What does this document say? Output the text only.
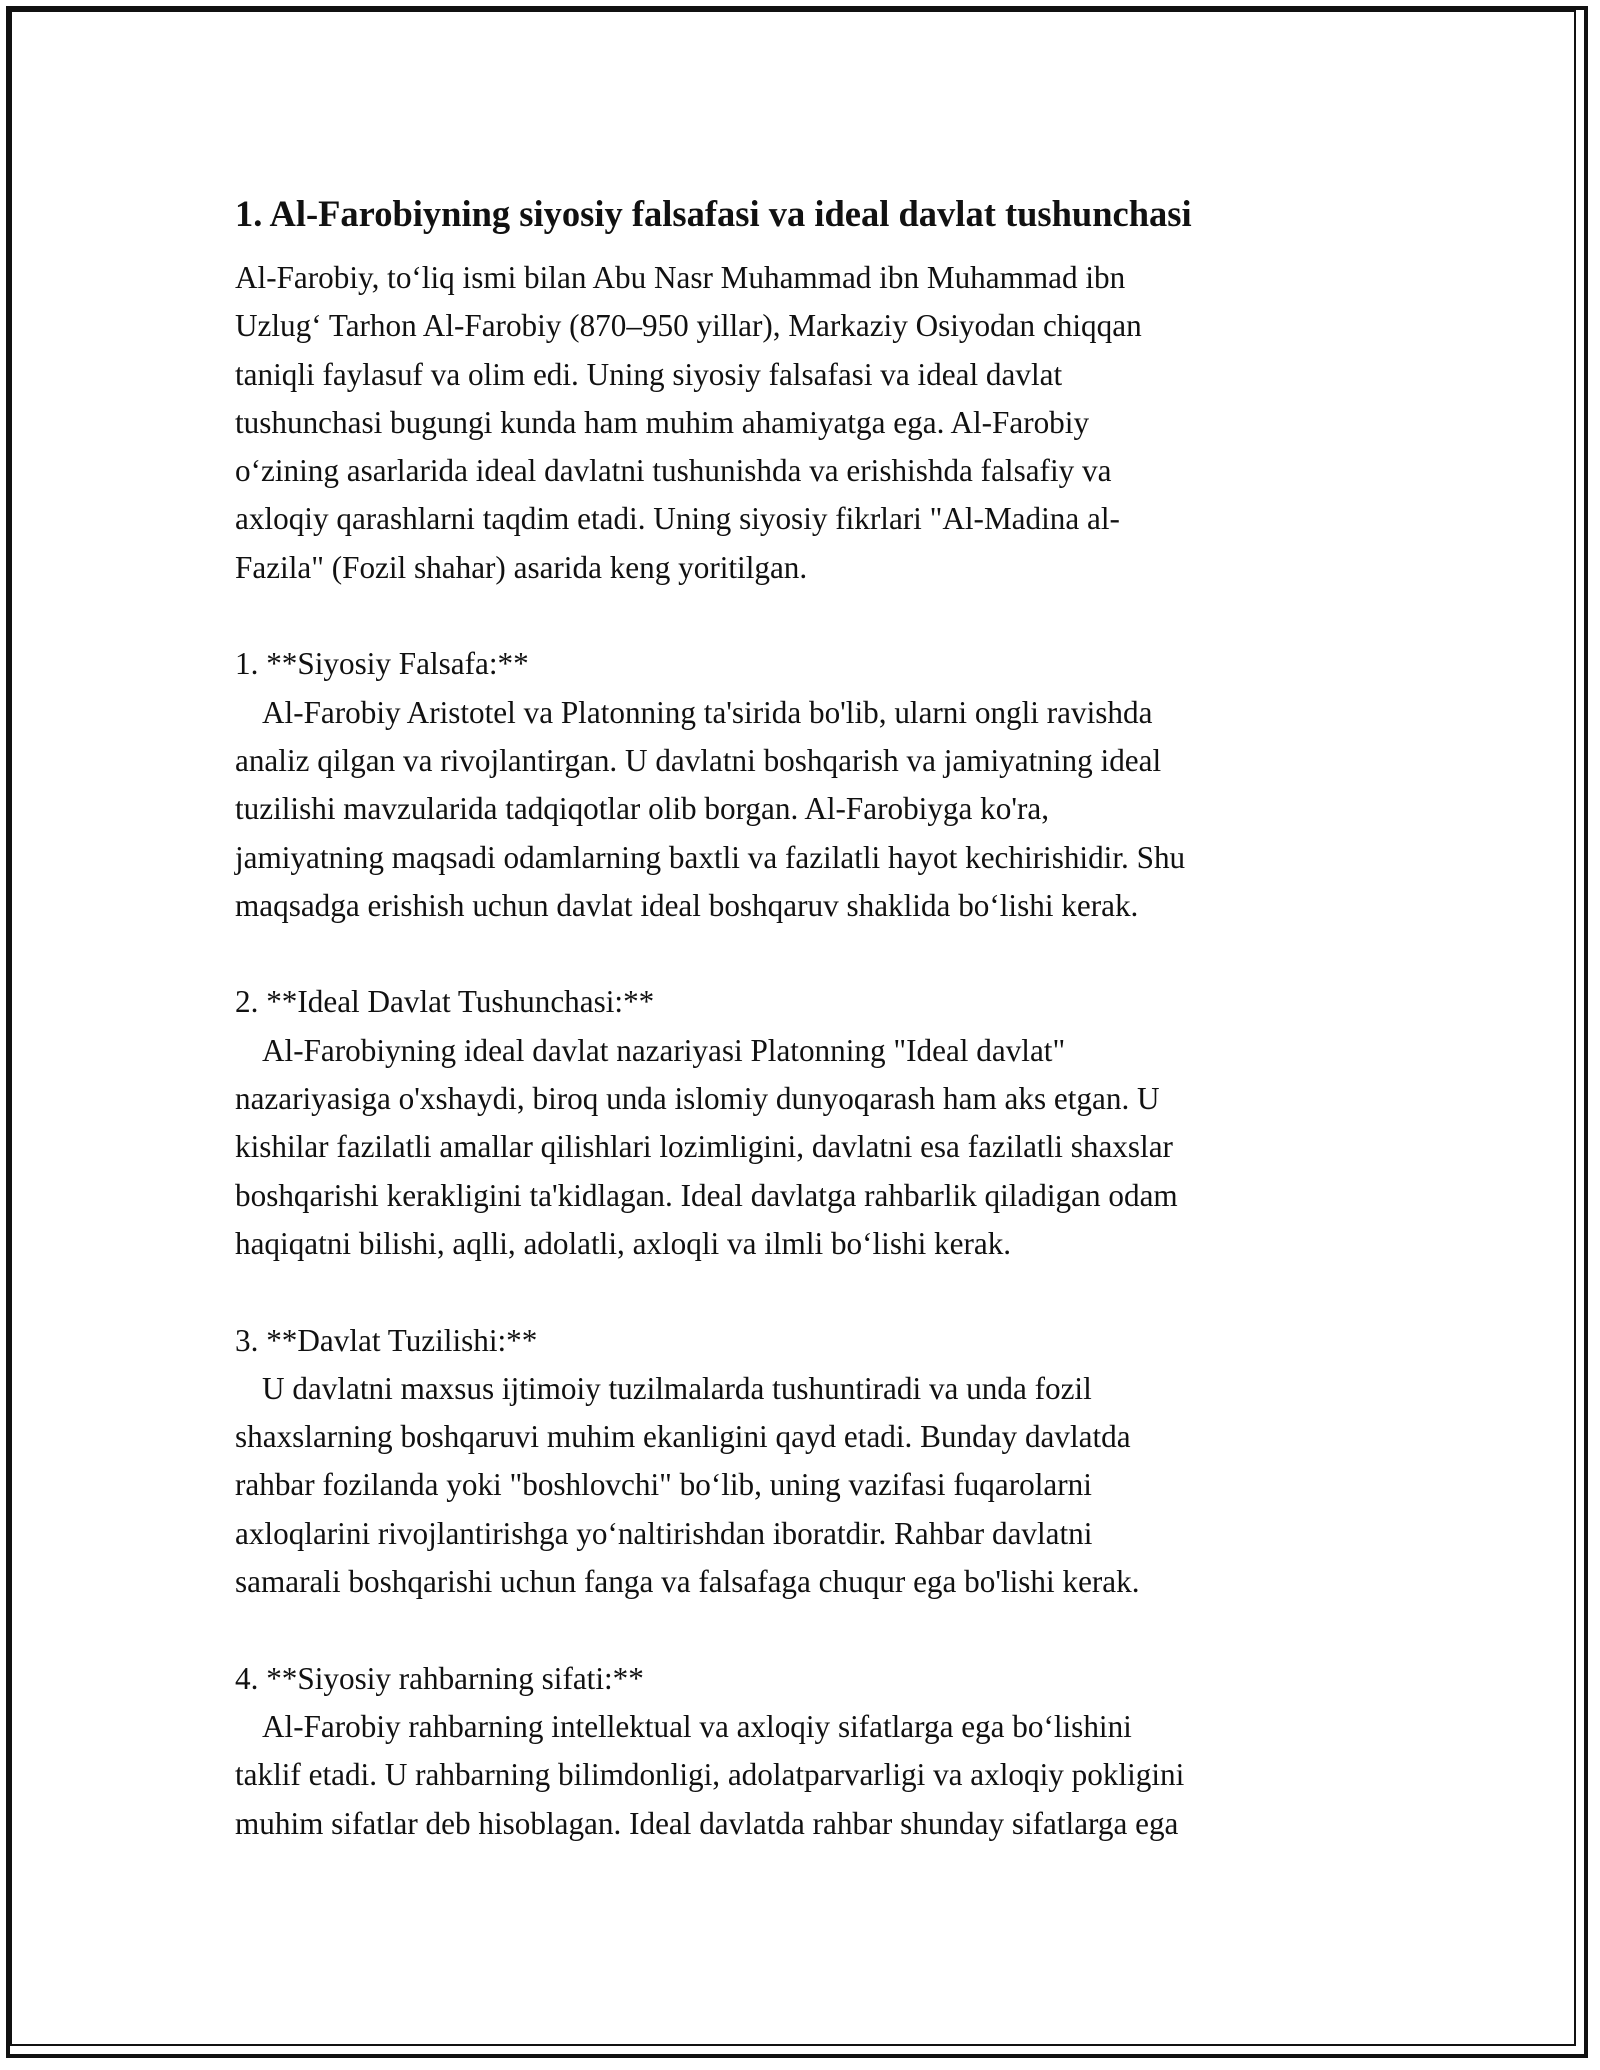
1. Al-Farobiyning siyosiy falsafasi va ideal davlat tushunchasi

Al-Farobiy, to‘liq ismi bilan Abu Nasr Muhammad ibn Muhammad ibn

Uzlug‘ Tarhon Al-Farobiy (870–950 yillar), Markaziy Osiyodan chiqqan

taniqli faylasuf va olim edi. Uning siyosiy falsafasi va ideal davlat

tushunchasi bugungi kunda ham muhim ahamiyatga ega. Al-Farobiy

o‘zining asarlarida ideal davlatni tushunishda va erishishda falsafiy va

axloqiy qarashlarni taqdim etadi. Uning siyosiy fikrlari "Al-Madina al-

Fazila" (Fozil shahar) asarida keng yoritilgan.

1. **Siyosiy Falsafa:**

Al-Farobiy Aristotel va Platonning ta'sirida bo'lib, ularni ongli ravishda

analiz qilgan va rivojlantirgan. U davlatni boshqarish va jamiyatning ideal

tuzilishi mavzularida tadqiqotlar olib borgan. Al-Farobiyga ko'ra,

jamiyatning maqsadi odamlarning baxtli va fazilatli hayot kechirishidir. Shu

maqsadga erishish uchun davlat ideal boshqaruv shaklida bo‘lishi kerak.

2. **Ideal Davlat Tushunchasi:**

Al-Farobiyning ideal davlat nazariyasi Platonning "Ideal davlat"

nazariyasiga o'xshaydi, biroq unda islomiy dunyoqarash ham aks etgan. U

kishilar fazilatli amallar qilishlari lozimligini, davlatni esa fazilatli shaxslar

boshqarishi kerakligini ta'kidlagan. Ideal davlatga rahbarlik qiladigan odam

haqiqatni bilishi, aqlli, adolatli, axloqli va ilmli bo‘lishi kerak.

3. **Davlat Tuzilishi:**

U davlatni maxsus ijtimoiy tuzilmalarda tushuntiradi va unda fozil

shaxslarning boshqaruvi muhim ekanligini qayd etadi. Bunday davlatda

rahbar fozilanda yoki "boshlovchi" bo‘lib, uning vazifasi fuqarolarni

axloqlarini rivojlantirishga yo‘naltirishdan iboratdir. Rahbar davlatni

samarali boshqarishi uchun fanga va falsafaga chuqur ega bo'lishi kerak.

4. **Siyosiy rahbarning sifati:**

Al-Farobiy rahbarning intellektual va axloqiy sifatlarga ega bo‘lishini

taklif etadi. U rahbarning bilimdonligi, adolatparvarligi va axloqiy pokligini

muhim sifatlar deb hisoblagan. Ideal davlatda rahbar shunday sifatlarga ega
